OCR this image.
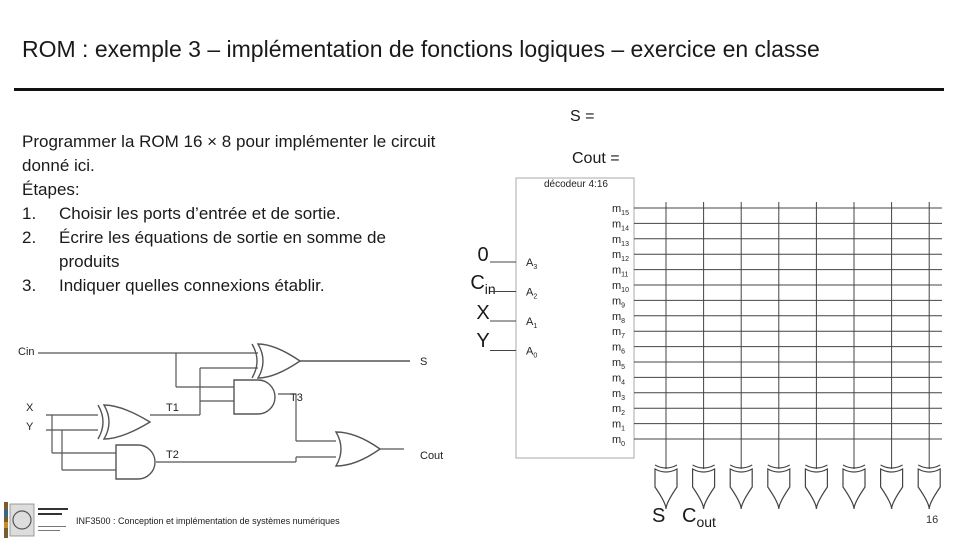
ROM : exemple 3 – implémentation de fonctions logiques – exercice en classe

Programmer la ROM 16 × 8 pour implémenter le circuit donné ici.

Étapes:

1.	Choisir les ports d’entrée et de sortie.
2.	Écrire les équations de sortie en somme de produits
3.	Indiquer quelles connexions établir.
S =
Cout =
0
$C_{in}$
X
Y
Cin
X
Y
T1
T2
T3
S
Cout
décodeur 4:16
$m_{15}$
$m_{14}$
$m_{13}$
$m_{12}$
$m_{11}$
$m_{10}$
$m_9$
$m_8$
$m_7$
$m_6$
$m_5$
$m_4$
$m_3$
$m_2$
$m_1$
$m_0$
$A_3$
$A_2$
$A_1$
$A_0$
S $C_{out}$
INF3500 : Conception et implémentation de systèmes numériques	16
